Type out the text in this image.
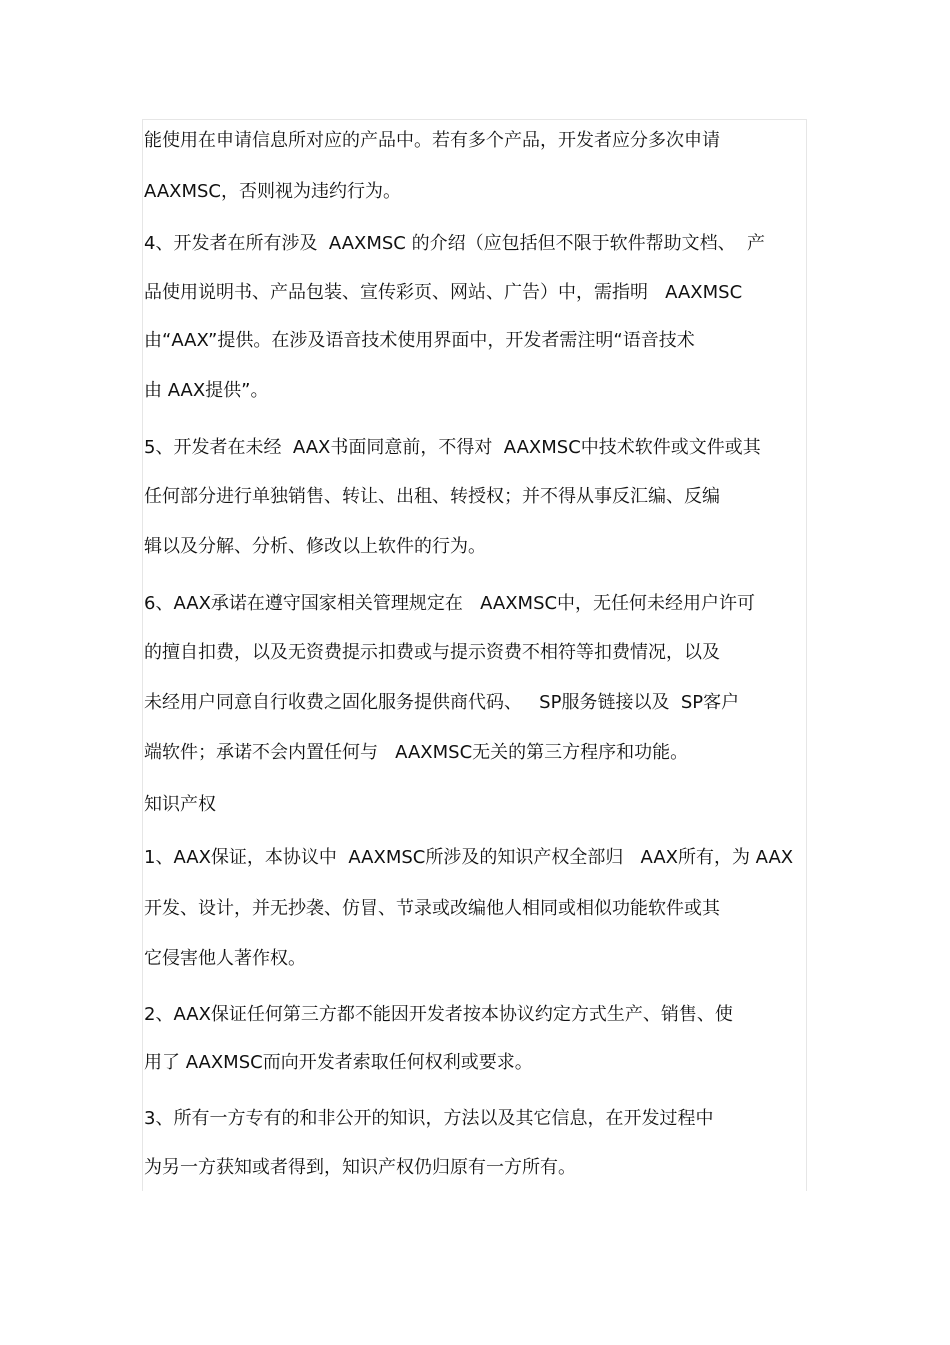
能使用在申请信息所对应的产品中。若有多个产品，开发者应分多次申请
AAXMSC，否则视为违约行为。
4、开发者在所有涉及  AAXMSC 的介绍（应包括但不限于软件帮助文档、  产
品使用说明书、产品包装、宣传彩页、网站、广告）中，需指明   AAXMSC
由“AAX”提供。在涉及语音技术使用界面中，开发者需注明“语音技术
由 AAX提供”。
5、开发者在未经  AAX书面同意前，不得对  AAXMSC中技术软件或文件或其
任何部分进行单独销售、转让、出租、转授权；并不得从事反汇编、反编
辑以及分解、分析、修改以上软件的行为。
6、AAX承诺在遵守国家相关管理规定在   AAXMSC中，无任何未经用户许可
的擅自扣费，以及无资费提示扣费或与提示资费不相符等扣费情况，以及
未经用户同意自行收费之固化服务提供商代码、   SP服务链接以及  SP客户
端软件；承诺不会内置任何与   AAXMSC无关的第三方程序和功能。
知识产权
1、AAX保证，本协议中  AAXMSC所涉及的知识产权全部归   AAX所有，为 AAX
开发、设计，并无抄袭、仿冒、节录或改编他人相同或相似功能软件或其
它侵害他人著作权。
2、AAX保证任何第三方都不能因开发者按本协议约定方式生产、销售、使
用了 AAXMSC而向开发者索取任何权利或要求。
3、所有一方专有的和非公开的知识，方法以及其它信息，在开发过程中
为另一方获知或者得到，知识产权仍归原有一方所有。
